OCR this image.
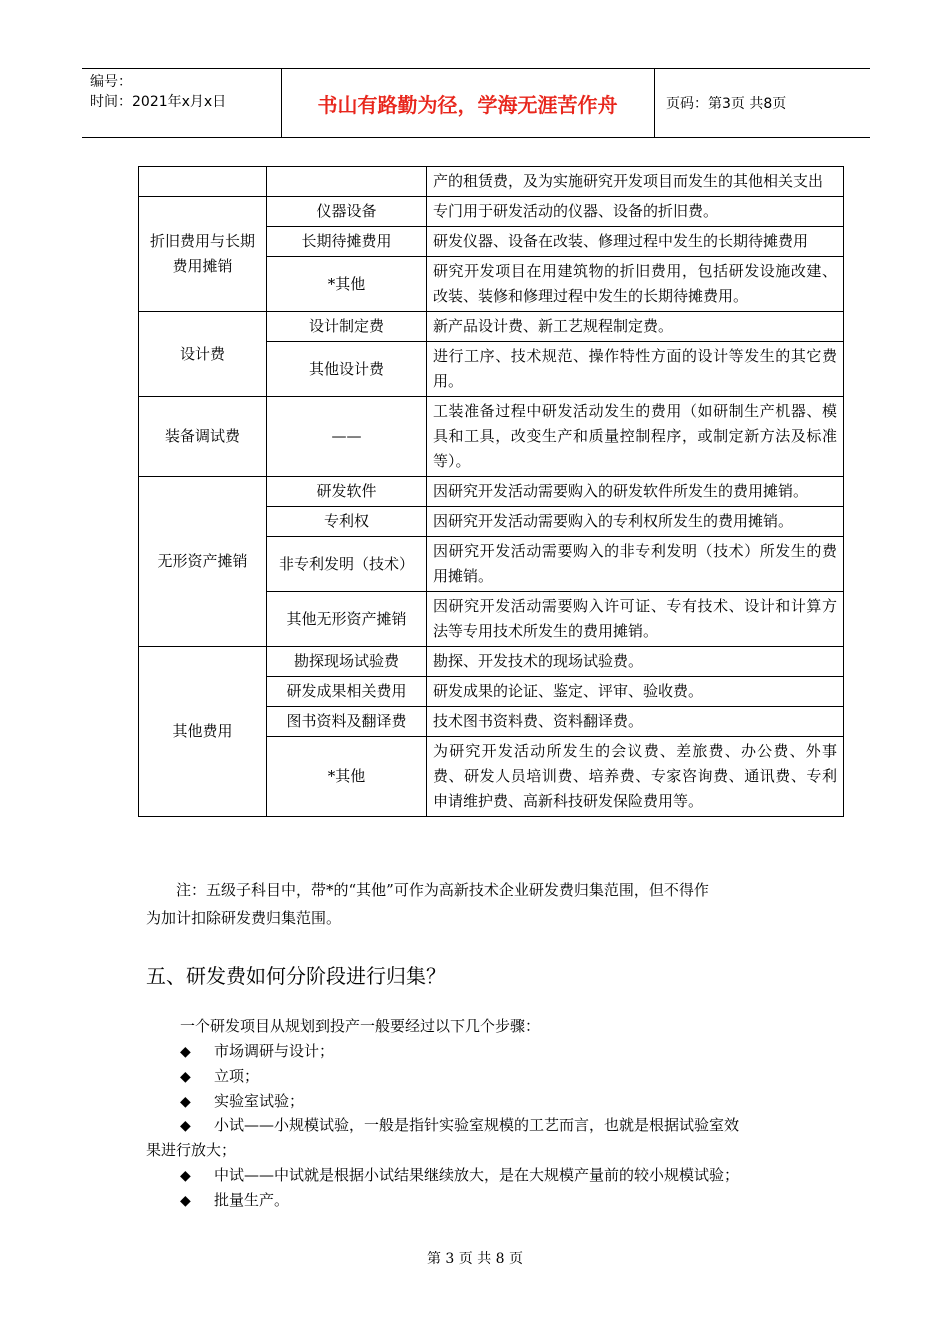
编号：
时间：2021年x月x日	书山有路勤为径，学海无涯苦作舟	页码：第3页 共8页
		产的租赁费，及为实施研究开发项目而发生的其他相关支出
折旧费用与长期费用摊销	仪器设备	专门用于研发活动的仪器、设备的折旧费。
	长期待摊费用	研发仪器、设备在改装、修理过程中发生的长期待摊费用
	*其他	研究开发项目在用建筑物的折旧费用，包括研发设施改建、改装、装修和修理过程中发生的长期待摊费用。
设计费	设计制定费	新产品设计费、新工艺规程制定费。
	其他设计费	进行工序、技术规范、操作特性方面的设计等发生的其它费用。
装备调试费	——	工装准备过程中研发活动发生的费用（如研制生产机器、模具和工具，改变生产和质量控制程序，或制定新方法及标准等）。
无形资产摊销	研发软件	因研究开发活动需要购入的研发软件所发生的费用摊销。
	专利权	因研究开发活动需要购入的专利权所发生的费用摊销。
	非专利发明（技术）	因研究开发活动需要购入的非专利发明（技术）所发生的费用摊销。
	其他无形资产摊销	因研究开发活动需要购入许可证、专有技术、设计和计算方法等专用技术所发生的费用摊销。
其他费用	勘探现场试验费	勘探、开发技术的现场试验费。
	研发成果相关费用	研发成果的论证、鉴定、评审、验收费。
	图书资料及翻译费	技术图书资料费、资料翻译费。
	*其他	为研究开发活动所发生的会议费、差旅费、办公费、外事费、研发人员培训费、培养费、专家咨询费、通讯费、专利申请维护费、高新科技研发保险费用等。
注：五级子科目中，带*的“其他”可作为高新技术企业研发费归集范围，但不得作
为加计扣除研发费归集范围。
五、研发费如何分阶段进行归集？
一个研发项目从规划到投产一般要经过以下几个步骤：
◆ 市场调研与设计；
◆ 立项；
◆ 实验室试验；
◆ 小试——小规模试验，一般是指针实验室规模的工艺而言，也就是根据试验室效
果进行放大；
◆ 中试——中试就是根据小试结果继续放大，是在大规模产量前的较小规模试验；
◆ 批量生产。
第 3 页 共 8 页
